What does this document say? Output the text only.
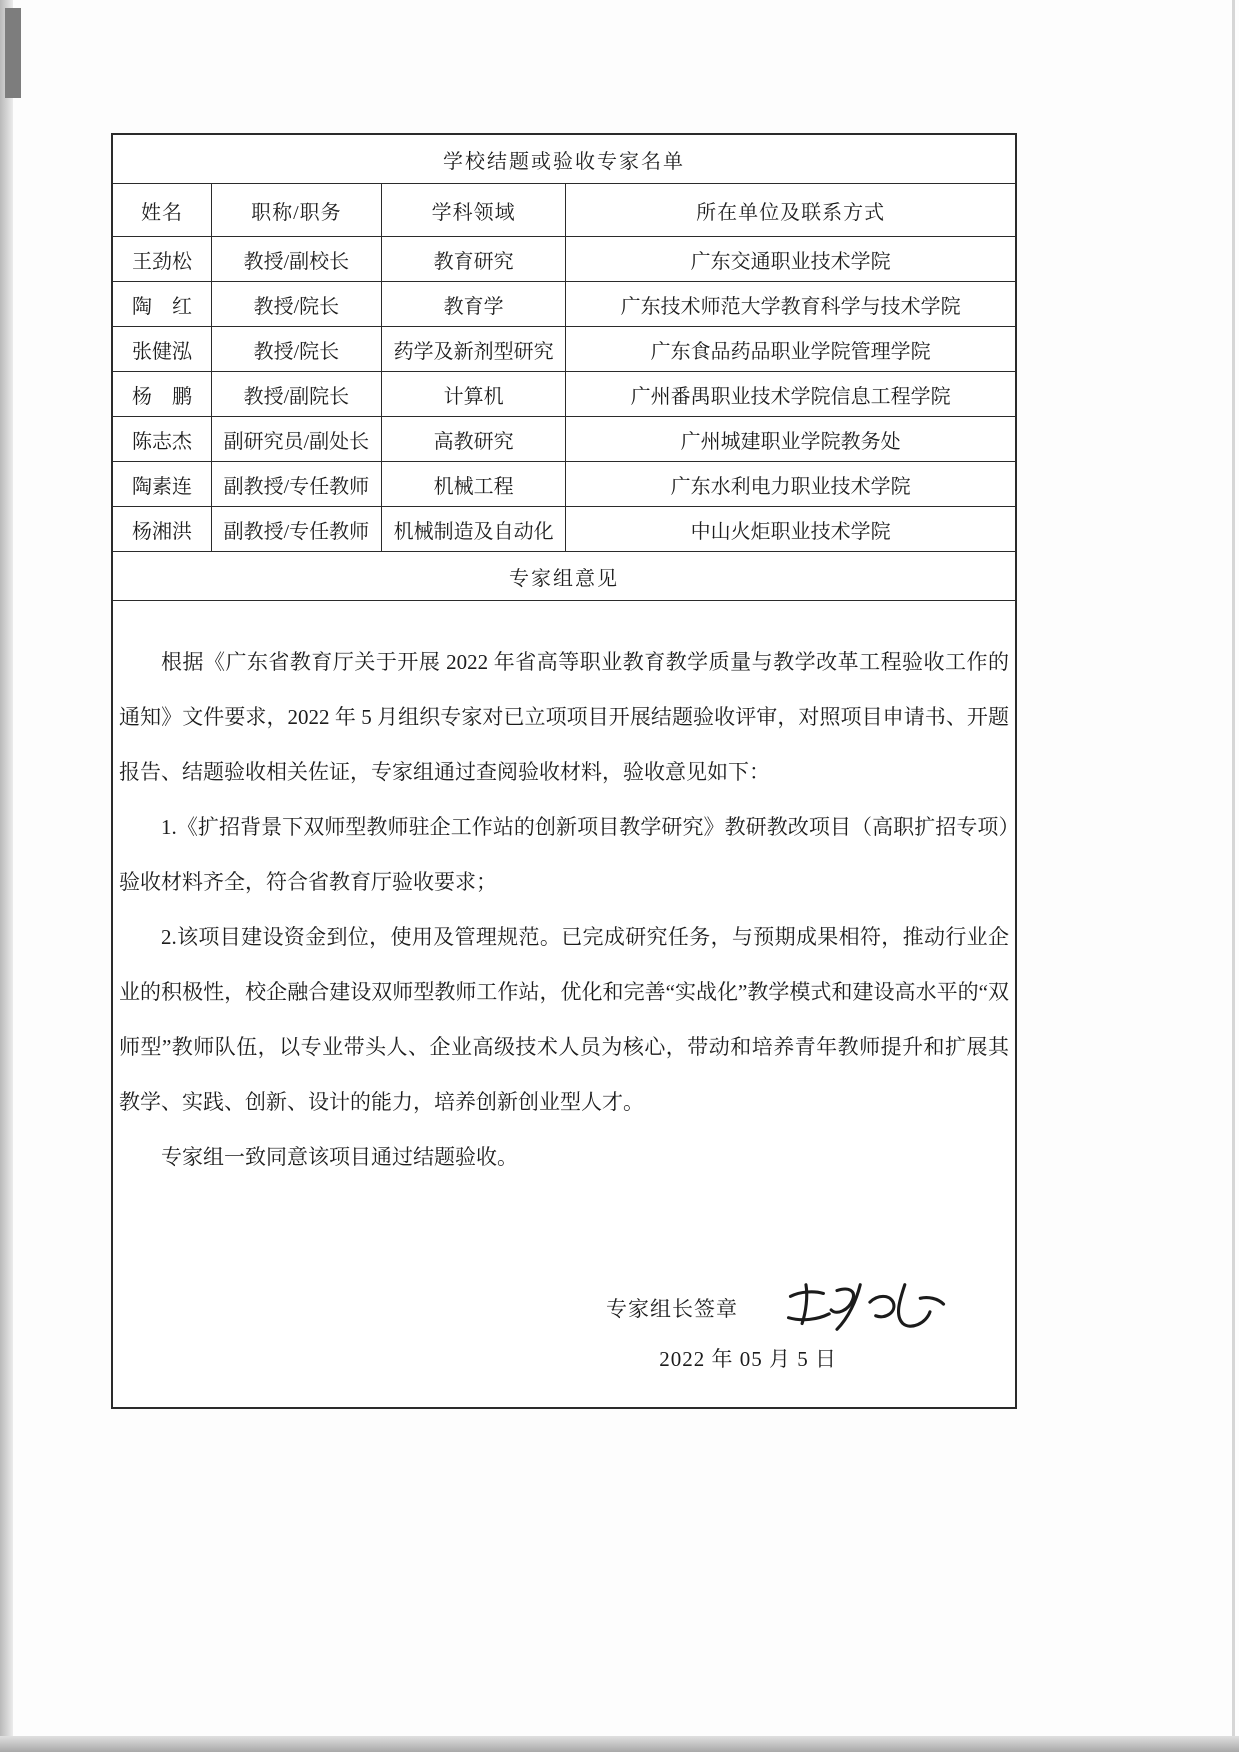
学校结题或验收专家名单			
姓名	职称/职务	学科领域	所在单位及联系方式
王劲松	教授/副校长	教育研究	广东交通职业技术学院
陶　红	教授/院长	教育学	广东技术师范大学教育科学与技术学院
张健泓	教授/院长	药学及新剂型研究	广东食品药品职业学院管理学院
杨　鹏	教授/副院长	计算机	广州番禺职业技术学院信息工程学院
陈志杰	副研究员/副处长	高教研究	广州城建职业学院教务处
陶素连	副教授/专任教师	机械工程	广东水利电力职业技术学院
杨湘洪	副教授/专任教师	机械制造及自动化	中山火炬职业技术学院
专家组意见			

根据《广东省教育厅关于开展 2022 年省高等职业教育教学质量与教学改革工程验收工作的通知》文件要求，2022 年 5 月组织专家对已立项项目开展结题验收评审，对照项目申请书、开题报告、结题验收相关佐证，专家组通过查阅验收材料，验收意见如下：

1.《扩招背景下双师型教师驻企工作站的创新项目教学研究》教研教改项目（高职扩招专项）验收材料齐全，符合省教育厅验收要求；

2.该项目建设资金到位，使用及管理规范。已完成研究任务，与预期成果相符，推动行业企业的积极性，校企融合建设双师型教师工作站，优化和完善“实战化”教学模式和建设高水平的“双师型”教师队伍，以专业带头人、企业高级技术人员为核心，带动和培养青年教师提升和扩展其教学、实践、创新、设计的能力，培养创新创业型人才。

专家组一致同意该项目通过结题验收。

专家组长签章
2022 年 05 月 5 日
